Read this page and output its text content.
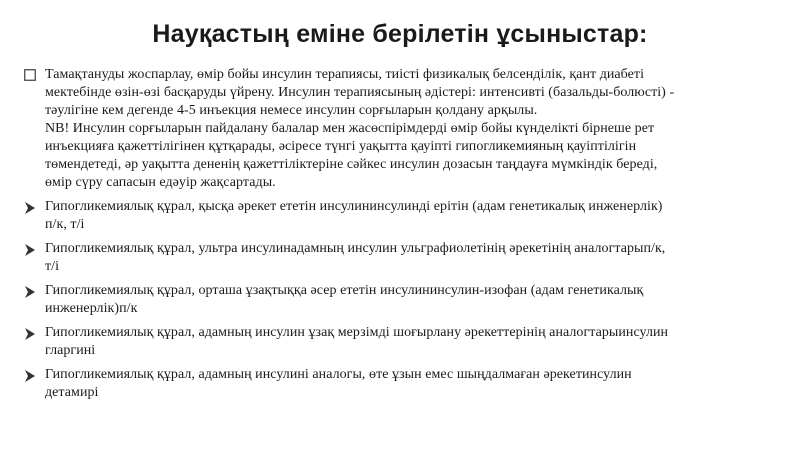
Науқастың еміне берілетін ұсыныстар:
Тамақтануды жоспарлау, өмір бойы инсулин терапиясы, тиісті физикалық белсенділік, қант диабеті
мектебінде өзін-өзі басқаруды үйрену. Инсулин терапиясының әдістері: интенсивті (базальды-болюсті) -
тәулігіне кем дегенде 4-5 инъекция немесе инсулин сорғыларын қолдану арқылы.
NB! Инсулин сорғыларын пайдалану балалар мен жасөспірімдерді өмір бойы күнделікті бірнеше рет
инъекцияға қажеттілігінен құтқарады, әсіресе түнгі уақытта қауіпті гипогликемияның қауіптілігін
төмендетеді, әр уақытта дененің қажеттіліктеріне сәйкес инсулин дозасын таңдауға мүмкіндік береді,
өмір сүру сапасын едәуір жақсартады.
Гипогликемиялық құрал, қысқа әрекет ететін инсулининсулинді ерітін (адам генетикалық инженерлік)
п/к, т/і
Гипогликемиялық құрал, ультра инсулинадамның инсулин ульграфиолетінің әрекетінің аналогтарып/к,
т/і
Гипогликемиялық құрал, орташа ұзақтыққа әсер ететін инсулининсулин-изофан (адам генетикалық
инженерлік)п/к
Гипогликемиялық құрал, адамның инсулин ұзақ мерзімді шоғырлану әрекеттерінің аналогтарыинсулин
гларгині
Гипогликемиялық құрал, адамның инсулині аналогы, өте ұзын емес шыңдалмаған әрекетинсулин
детамирі
